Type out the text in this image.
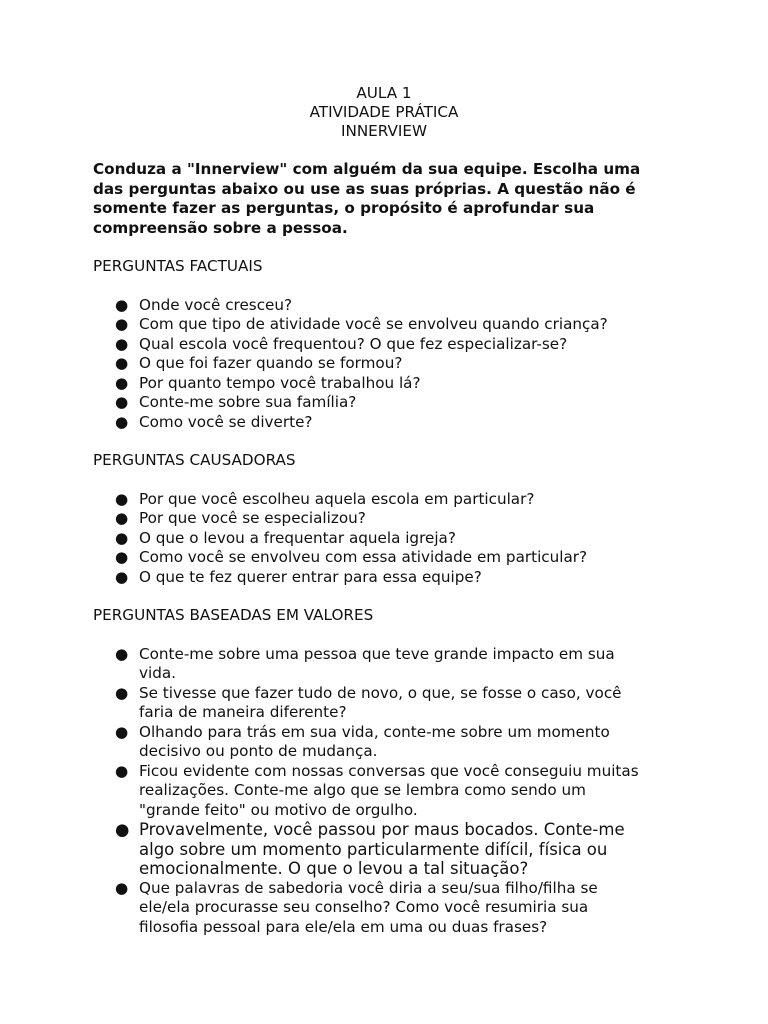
AULA 1
ATIVIDADE PRÁTICA
INNERVIEW
Conduza a "Innerview" com alguém da sua equipe. Escolha uma das perguntas abaixo ou use as suas próprias. A questão não é somente fazer as perguntas, o propósito é aprofundar sua compreensão sobre a pessoa.
PERGUNTAS FACTUAIS
● Onde você cresceu?
● Com que tipo de atividade você se envolveu quando criança?
● Qual escola você frequentou? O que fez especializar-se?
● O que foi fazer quando se formou?
● Por quanto tempo você trabalhou lá?
● Conte-me sobre sua família?
● Como você se diverte?
PERGUNTAS CAUSADORAS
● Por que você escolheu aquela escola em particular?
● Por que você se especializou?
● O que o levou a frequentar aquela igreja?
● Como você se envolveu com essa atividade em particular?
● O que te fez querer entrar para essa equipe?
PERGUNTAS BASEADAS EM VALORES
● Conte-me sobre uma pessoa que teve grande impacto em sua vida.
● Se tivesse que fazer tudo de novo, o que, se fosse o caso, você faria de maneira diferente?
● Olhando para trás em sua vida, conte-me sobre um momento decisivo ou ponto de mudança.
● Ficou evidente com nossas conversas que você conseguiu muitas realizações. Conte-me algo que se lembra como sendo um "grande feito" ou motivo de orgulho.
● Provavelmente, você passou por maus bocados. Conte-me algo sobre um momento particularmente difícil, física ou emocionalmente. O que o levou a tal situação?
● Que palavras de sabedoria você diria a seu/sua filho/filha se ele/ela procurasse seu conselho? Como você resumiria sua filosofia pessoal para ele/ela em uma ou duas frases?
